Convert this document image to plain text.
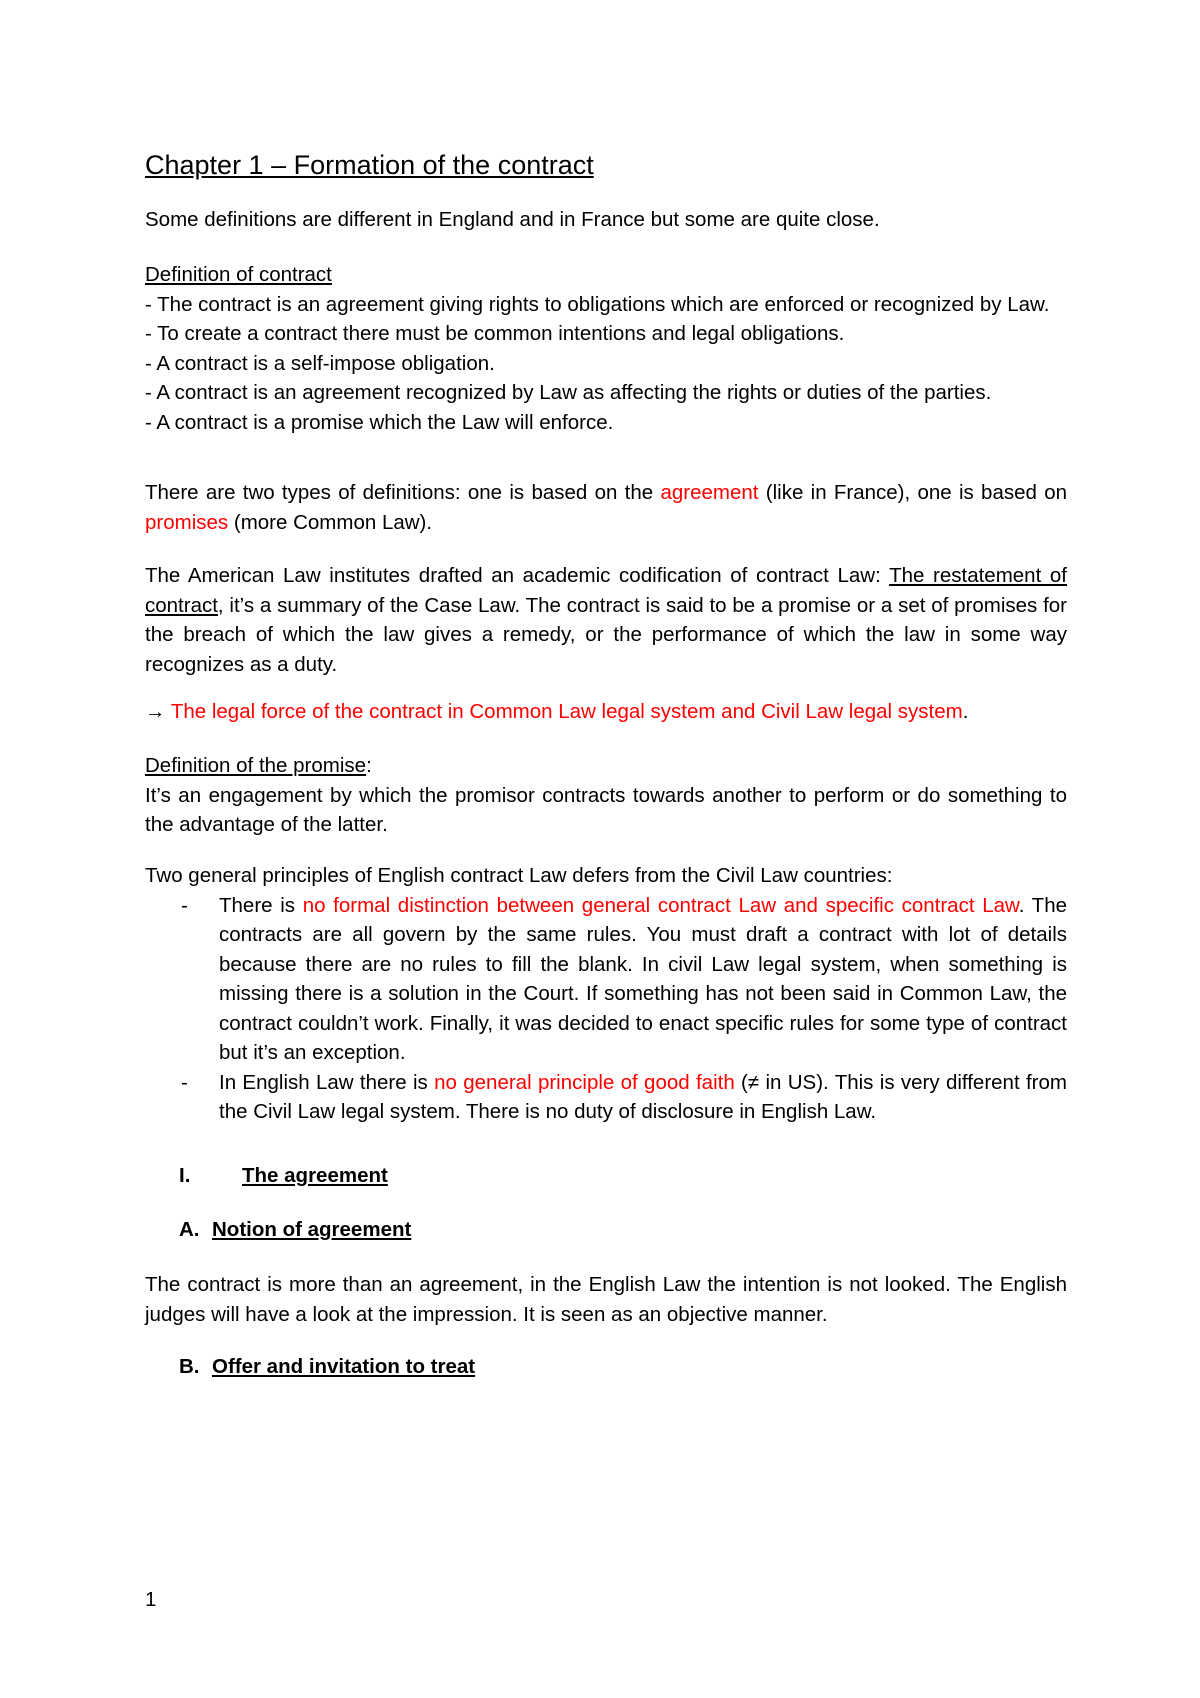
Chapter 1 – Formation of the contract

Some definitions are different in England and in France but some are quite close.

Definition of contract

- The contract is an agreement giving rights to obligations which are enforced or recognized by Law.

- To create a contract there must be common intentions and legal obligations.

- A contract is a self-impose obligation.

- A contract is an agreement recognized by Law as affecting the rights or duties of the parties.

- A contract is a promise which the Law will enforce.

There are two types of definitions: one is based on the agreement (like in France), one is based on promises (more Common Law).

The American Law institutes drafted an academic codification of contract Law: The restatement of contract, it’s a summary of the Case Law. The contract is said to be a promise or a set of promises for the breach of which the law gives a remedy, or the performance of which the law in some way recognizes as a duty.

→ The legal force of the contract in Common Law legal system and Civil Law legal system.

Definition of the promise:

It’s an engagement by which the promisor contracts towards another to perform or do something to the advantage of the latter.

Two general principles of English contract Law defers from the Civil Law countries:

- There is no formal distinction between general contract Law and specific contract Law. The contracts are all govern by the same rules. You must draft a contract with lot of details because there are no rules to fill the blank. In civil Law legal system, when something is missing there is a solution in the Court. If something has not been said in Common Law, the contract couldn’t work. Finally, it was decided to enact specific rules for some type of contract but it’s an exception.
- In English Law there is no general principle of good faith (≠ in US). This is very different from the Civil Law legal system. There is no duty of disclosure in English Law.
I.	The agreement
A. Notion of agreement

The contract is more than an agreement, in the English Law the intention is not looked. The English judges will have a look at the impression. It is seen as an objective manner.

B. Offer and invitation to treat
1
